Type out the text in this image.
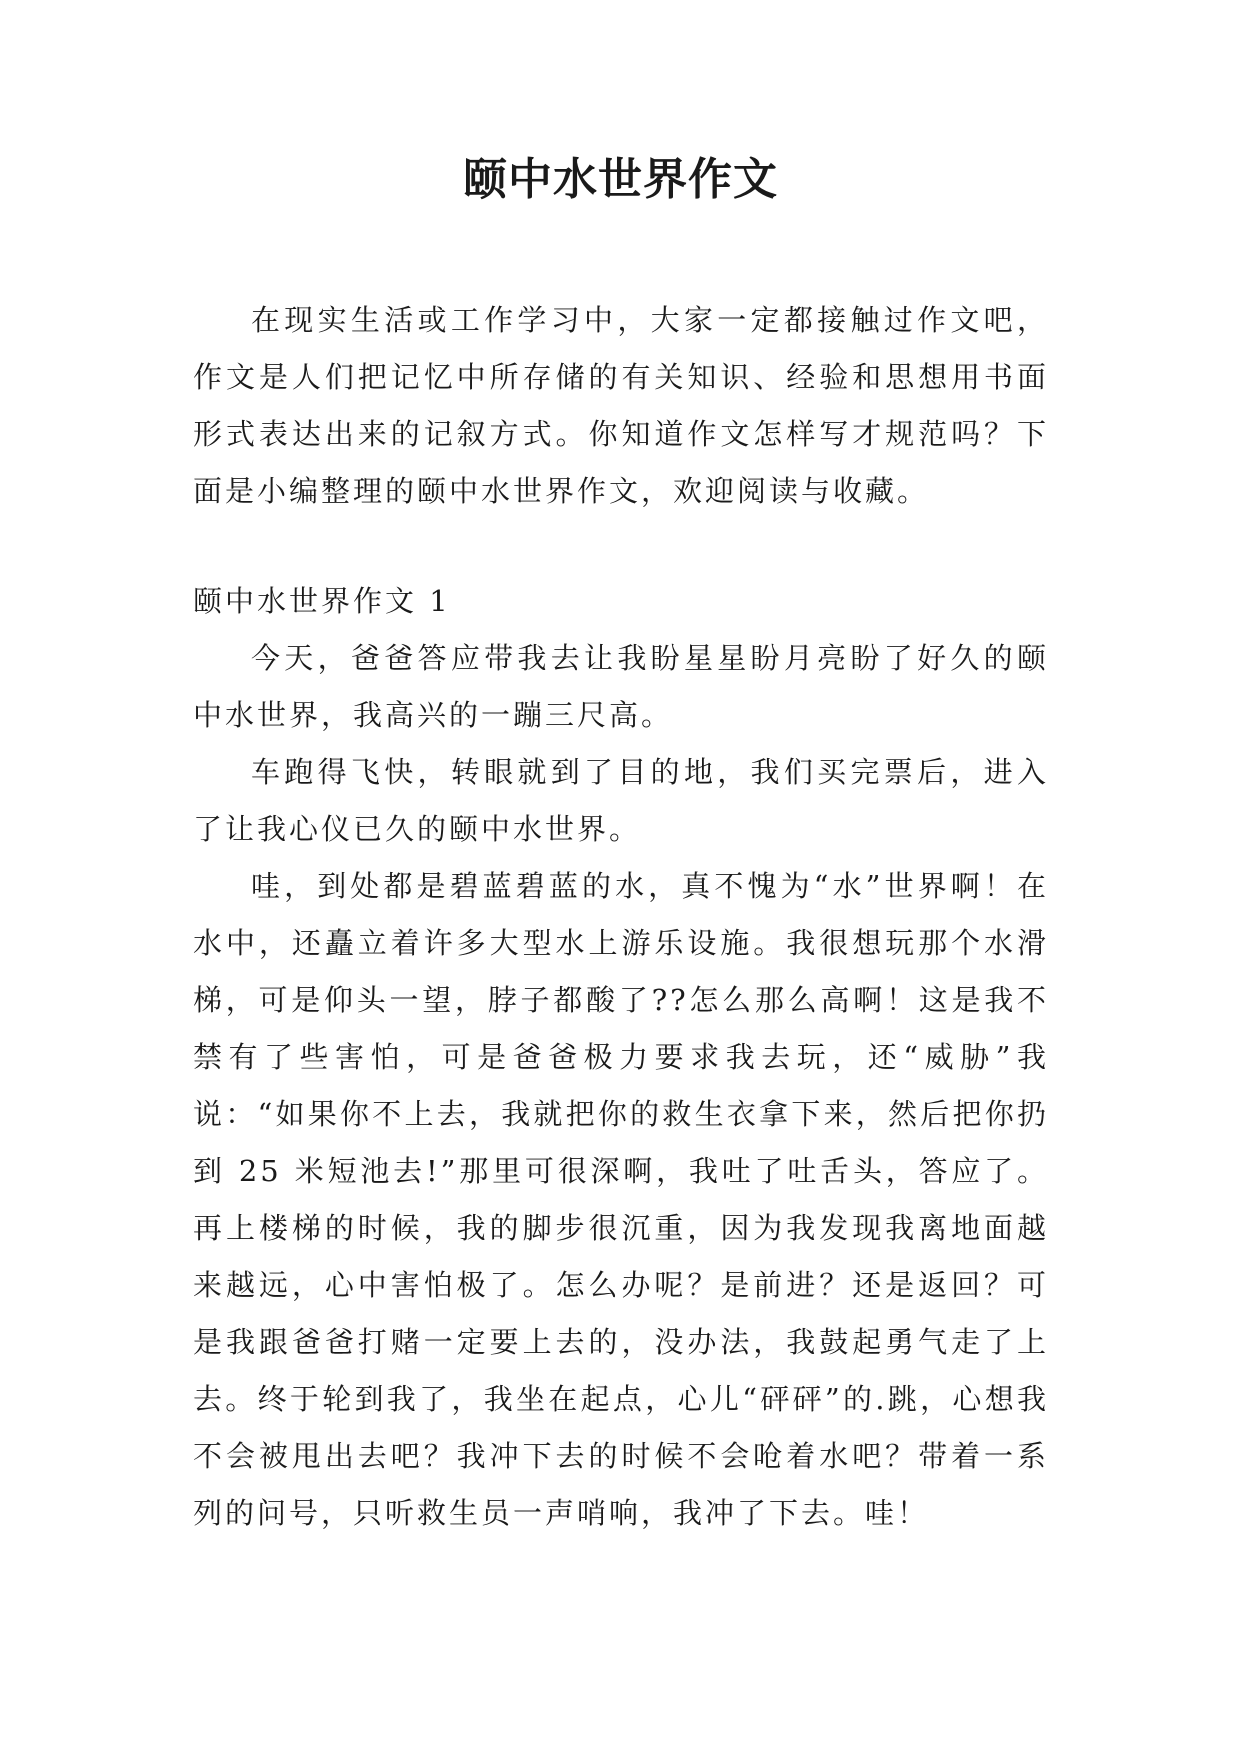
颐中水世界作文

在现实生活或工作学习中，大家一定都接触过作文吧，作文是人们把记忆中所存储的有关知识、经验和思想用书面形式表达出来的记叙方式。你知道作文怎样写才规范吗？下面是小编整理的颐中水世界作文，欢迎阅读与收藏。

颐中水世界作文 1

今天，爸爸答应带我去让我盼星星盼月亮盼了好久的颐中水世界，我高兴的一蹦三尺高。

车跑得飞快，转眼就到了目的地，我们买完票后，进入了让我心仪已久的颐中水世界。

哇，到处都是碧蓝碧蓝的水，真不愧为“水”世界啊！在水中，还矗立着许多大型水上游乐设施。我很想玩那个水滑梯，可是仰头一望，脖子都酸了??怎么那么高啊！这是我不禁有了些害怕，可是爸爸极力要求我去玩，还“威胁”我说：“如果你不上去，我就把你的救生衣拿下来，然后把你扔到 25 米短池去!”那里可很深啊，我吐了吐舌头，答应了。再上楼梯的时候，我的脚步很沉重，因为我发现我离地面越来越远，心中害怕极了。怎么办呢？是前进？还是返回？可是我跟爸爸打赌一定要上去的，没办法，我鼓起勇气走了上去。终于轮到我了，我坐在起点，心儿“砰砰”的.跳，心想我不会被甩出去吧？我冲下去的时候不会呛着水吧？带着一系列的问号，只听救生员一声哨响，我冲了下去。哇！
